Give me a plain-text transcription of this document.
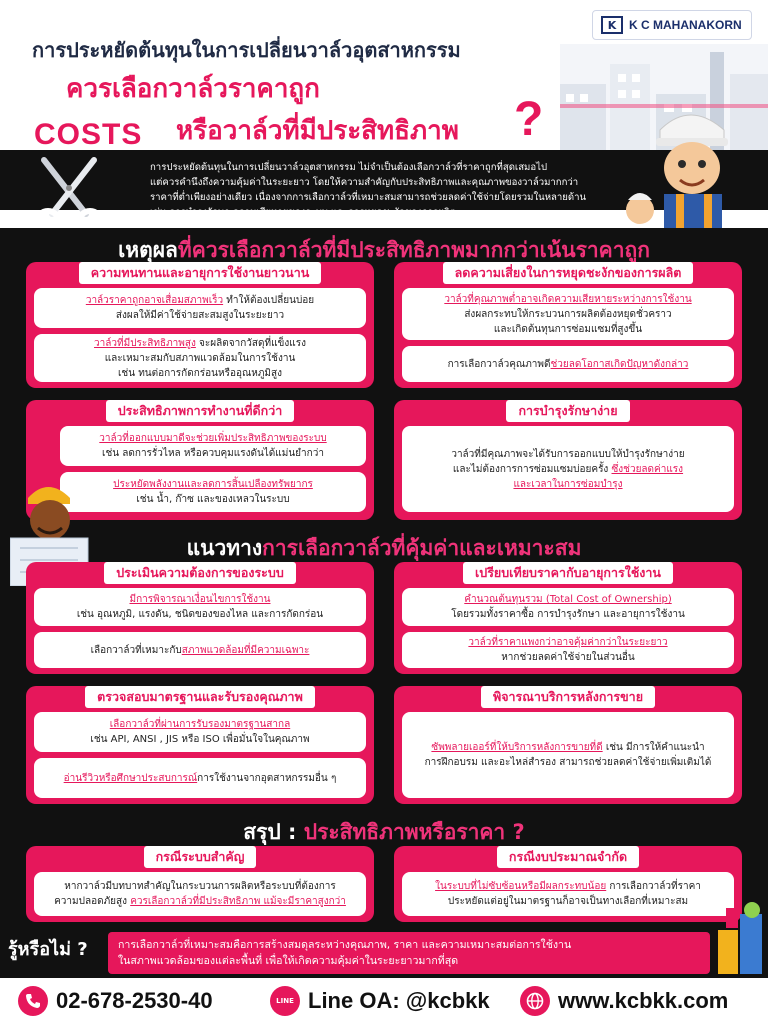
K	K C MAHANAKORN
การประหยัดต้นทุนในการเปลี่ยนวาล์วอุตสาหกรรม
ควรเลือกวาล์วราคาถูก
หรือวาล์วที่มีประสิทธิภาพ ?
COSTS
การประหยัดต้นทุนในการเปลี่ยนวาล์วอุตสาหกรรม ไม่จำเป็นต้องเลือกวาล์วที่ราคาถูกที่สุดเสมอไป
แต่ควรคำนึงถึงความคุ้มค่าในระยะยาว โดยให้ความสำคัญกับประสิทธิภาพและคุณภาพของวาล์วมากกว่า
ราคาที่ต่ำเพียงอย่างเดียว เนื่องจากการเลือกวาล์วที่เหมาะสมสามารถช่วยลดค่าใช้จ่ายโดยรวมในหลายด้าน
เช่น การบำรุงรักษา ความเสียหายของระบบ และการหยุดชะงักของการผลิต
เหตุผลที่ควรเลือกวาล์วที่มีประสิทธิภาพมากกว่าเน้นราคาถูก
ความทนทานและอายุการใช้งานยาวนาน

วาล์วราคาถูกอาจเสื่อมสภาพเร็ว ทำให้ต้องเปลี่ยนบ่อย

ส่งผลให้มีค่าใช้จ่ายสะสมสูงในระยะยาว

วาล์วที่มีประสิทธิภาพสูง จะผลิตจากวัสดุที่แข็งแรง

และเหมาะสมกับสภาพแวดล้อมในการใช้งาน

เช่น ทนต่อการกัดกร่อนหรืออุณหภูมิสูง

ลดความเสี่ยงในการหยุดชะงักของการผลิต

วาล์วที่คุณภาพต่ำอาจเกิดความเสียหายระหว่างการใช้งาน

ส่งผลกระทบให้กระบวนการผลิตต้องหยุดชั่วคราว

และเกิดต้นทุนการซ่อมแซมที่สูงขึ้น

การเลือกวาล์วคุณภาพดีช่วยลดโอกาสเกิดปัญหาดังกล่าว

ประสิทธิภาพการทำงานที่ดีกว่า

วาล์วที่ออกแบบมาดีจะช่วยเพิ่มประสิทธิภาพของระบบ

เช่น ลดการรั่วไหล หรือควบคุมแรงดันได้แม่นยำกว่า

ประหยัดพลังงานและลดการสิ้นเปลืองทรัพยากร

เช่น น้ำ, ก๊าซ และของเหลวในระบบ

การบำรุงรักษาง่าย

วาล์วที่มีคุณภาพจะได้รับการออกแบบให้บำรุงรักษาง่าย

และไม่ต้องการการซ่อมแซมบ่อยครั้ง ซึ่งช่วยลดค่าแรง

และเวลาในการซ่อมบำรุง

แนวทางการเลือกวาล์วที่คุ้มค่าและเหมาะสม
ประเมินความต้องการของระบบ

มีการพิจารณาเงื่อนไขการใช้งาน

เช่น อุณหภูมิ, แรงดัน, ชนิดของของไหล และการกัดกร่อน

เลือกวาล์วที่เหมาะกับสภาพแวดล้อมที่มีความเฉพาะ

เปรียบเทียบราคากับอายุการใช้งาน

คำนวณต้นทุนรวม (Total Cost of Ownership)

โดยรวมทั้งราคาซื้อ การบำรุงรักษา และอายุการใช้งาน

วาล์วที่ราคาแพงกว่าอาจคุ้มค่ากว่าในระยะยาว

หากช่วยลดค่าใช้จ่ายในส่วนอื่น

ตรวจสอบมาตรฐานและรับรองคุณภาพ

เลือกวาล์วที่ผ่านการรับรองมาตรฐานสากล

เช่น API, ANSI , JIS หรือ ISO เพื่อมั่นใจในคุณภาพ

อ่านรีวิวหรือศึกษาประสบการณ์การใช้งานจากอุตสาหกรรมอื่น ๆ

พิจารณาบริการหลังการขาย

ซัพพลายเออร์ที่ให้บริการหลังการขายที่ดี เช่น มีการให้คำแนะนำ

การฝึกอบรม และอะไหล่สำรอง สามารถช่วยลดค่าใช้จ่ายเพิ่มเติมได้

สรุป : ประสิทธิภาพหรือราคา ?
กรณีระบบสำคัญ

หากวาล์วมีบทบาทสำคัญในกระบวนการผลิตหรือระบบที่ต้องการ

ความปลอดภัยสูง ควรเลือกวาล์วที่มีประสิทธิภาพ แม้จะมีราคาสูงกว่า

กรณีงบประมาณจำกัด

ในระบบที่ไม่ซับซ้อนหรือมีผลกระทบน้อย การเลือกวาล์วที่ราคา

ประหยัดแต่อยู่ในมาตรฐานก็อาจเป็นทางเลือกที่เหมาะสม

รู้หรือไม่ ?	การเลือกวาล์วที่เหมาะสมคือการสร้างสมดุลระหว่างคุณภาพ, ราคา และความเหมาะสมต่อการใช้งาน

ในสภาพแวดล้อมของแต่ละพื้นที่ เพื่อให้เกิดความคุ้มค่าในระยะยาวมากที่สุด

02-678-2530-40	LINE Line OA: @kcbkk	www.kcbkk.com
